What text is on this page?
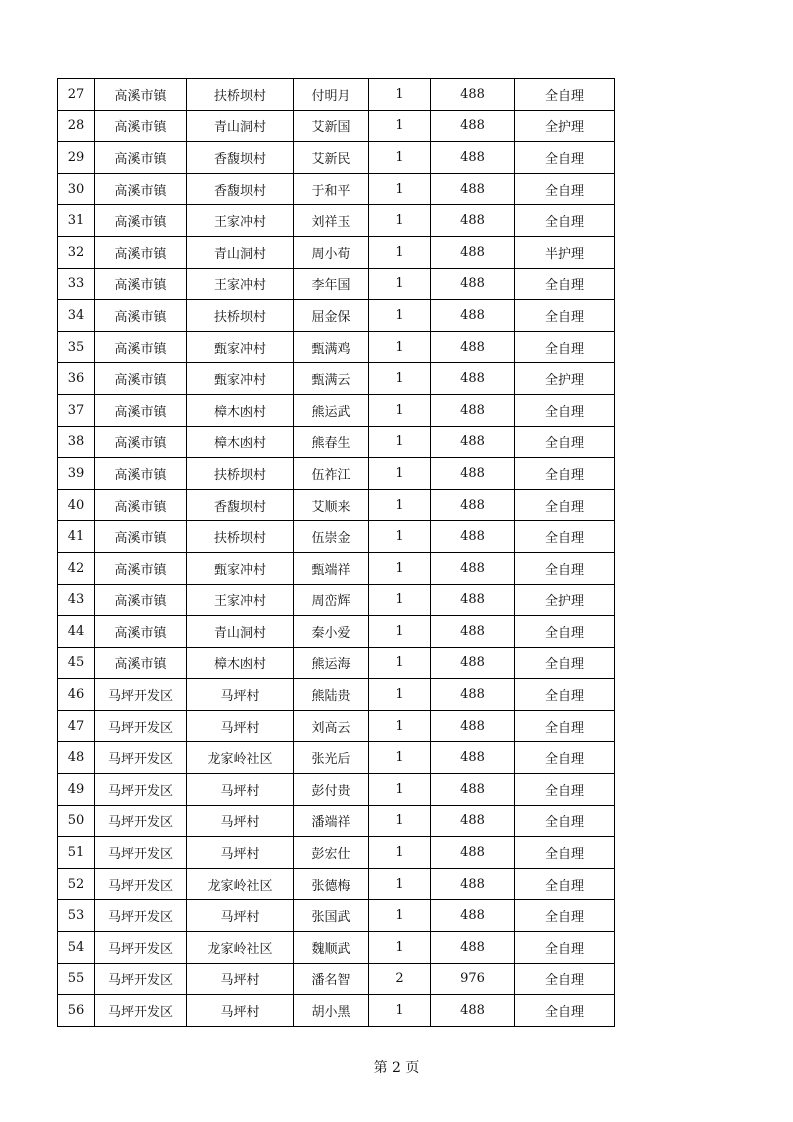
27	高溪市镇	扶桥坝村	付明月	1	488	全自理
28	高溪市镇	青山洞村	艾新国	1	488	全护理
29	高溪市镇	香馥坝村	艾新民	1	488	全自理
30	高溪市镇	香馥坝村	于和平	1	488	全自理
31	高溪市镇	王家冲村	刘祥玉	1	488	全自理
32	高溪市镇	青山洞村	周小荀	1	488	半护理
33	高溪市镇	王家冲村	李年国	1	488	全自理
34	高溪市镇	扶桥坝村	屈金保	1	488	全自理
35	高溪市镇	甄家冲村	甄满鸡	1	488	全自理
36	高溪市镇	甄家冲村	甄满云	1	488	全护理
37	高溪市镇	樟木凼村	熊运武	1	488	全自理
38	高溪市镇	樟木凼村	熊春生	1	488	全自理
39	高溪市镇	扶桥坝村	伍祚江	1	488	全自理
40	高溪市镇	香馥坝村	艾顺来	1	488	全自理
41	高溪市镇	扶桥坝村	伍崇金	1	488	全自理
42	高溪市镇	甄家冲村	甄端祥	1	488	全自理
43	高溪市镇	王家冲村	周峦辉	1	488	全护理
44	高溪市镇	青山洞村	秦小爱	1	488	全自理
45	高溪市镇	樟木凼村	熊运海	1	488	全自理
46	马坪开发区	马坪村	熊陆贵	1	488	全自理
47	马坪开发区	马坪村	刘高云	1	488	全自理
48	马坪开发区	龙家岭社区	张光后	1	488	全自理
49	马坪开发区	马坪村	彭付贵	1	488	全自理
50	马坪开发区	马坪村	潘端祥	1	488	全自理
51	马坪开发区	马坪村	彭宏仕	1	488	全自理
52	马坪开发区	龙家岭社区	张德梅	1	488	全自理
53	马坪开发区	马坪村	张国武	1	488	全自理
54	马坪开发区	龙家岭社区	魏顺武	1	488	全自理
55	马坪开发区	马坪村	潘名智	2	976	全自理
56	马坪开发区	马坪村	胡小黑	1	488	全自理
第 2 页
